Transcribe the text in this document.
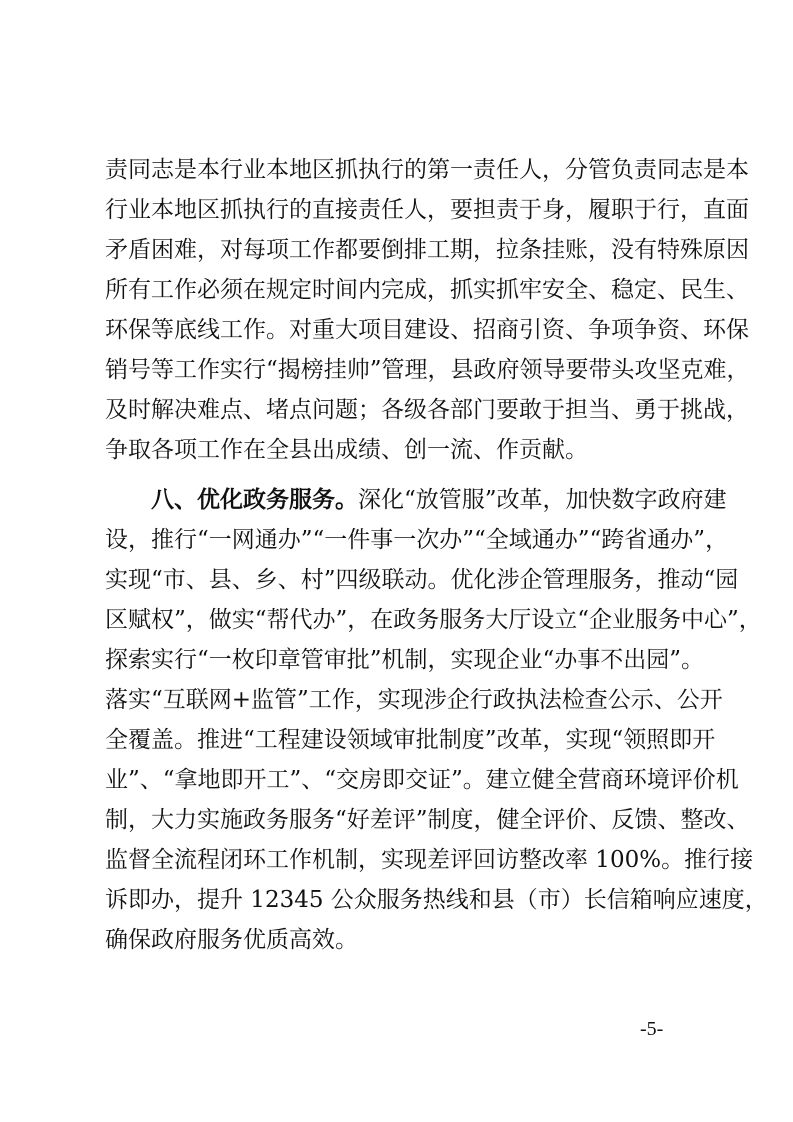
责同志是本行业本地区抓执行的第一责任人，分管负责同志是本
行业本地区抓执行的直接责任人，要担责于身，履职于行，直面
矛盾困难，对每项工作都要倒排工期，拉条挂账，没有特殊原因
所有工作必须在规定时间内完成，抓实抓牢安全、稳定、民生、
环保等底线工作。对重大项目建设、招商引资、争项争资、环保
销号等工作实行“揭榜挂帅”管理，县政府领导要带头攻坚克难，
及时解决难点、堵点问题；各级各部门要敢于担当、勇于挑战，
争取各项工作在全县出成绩、创一流、作贡献。
八、优化政务服务。深化“放管服”改革，加快数字政府建
设，推行“一网通办”“一件事一次办”“全域通办”“跨省通办”，
实现“市、县、乡、村”四级联动。优化涉企管理服务，推动“园
区赋权”，做实“帮代办”，在政务服务大厅设立“企业服务中心”，
探索实行“一枚印章管审批”机制，实现企业“办事不出园”。
落实“互联网+监管”工作，实现涉企行政执法检查公示、公开
全覆盖。推进“工程建设领域审批制度”改革，实现“领照即开
业”、“拿地即开工”、“交房即交证”。建立健全营商环境评价机
制，大力实施政务服务“好差评”制度，健全评价、反馈、整改、
监督全流程闭环工作机制，实现差评回访整改率 100%。推行接
诉即办，提升 12345 公众服务热线和县（市）长信箱响应速度，
确保政府服务优质高效。
-5-
